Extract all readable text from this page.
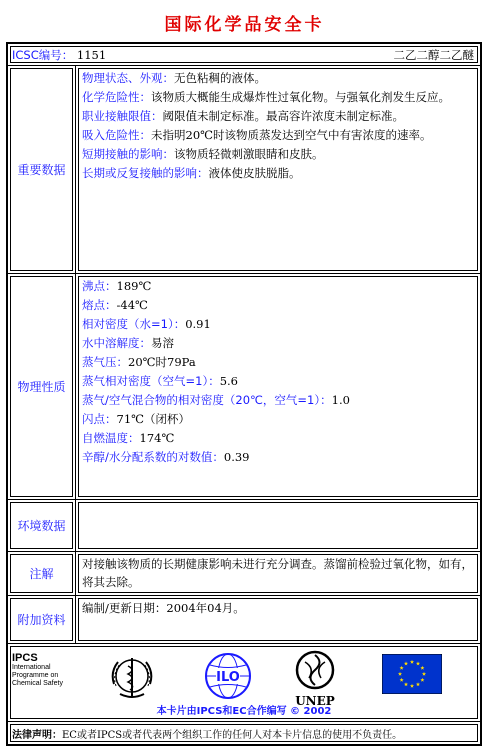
国际化学品安全卡
ICSC编号： 1151	二乙二醇二乙醚
重要数据
物理状态、外观：无色粘稠的液体。
化学危险性：该物质大概能生成爆炸性过氧化物。与强氧化剂发生反应。
职业接触限值：阈限值未制定标准。最高容许浓度未制定标准。
吸入危险性：未指明20℃时该物质蒸发达到空气中有害浓度的速率。
短期接触的影响：该物质轻微刺激眼睛和皮肤。
长期或反复接触的影响：液体使皮肤脱脂。
物理性质
沸点：189℃
熔点：-44℃
相对密度（水=1）：0.91
水中溶解度：易溶
蒸气压：20℃时79Pa
蒸气相对密度（空气=1）：5.6
蒸气/空气混合物的相对密度（20℃，空气=1）：1.0
闪点：71℃（闭杯）
自燃温度：174℃
辛醇/水分配系数的对数值：0.39
环境数据
注解
对接触该物质的长期健康影响未进行充分调查。蒸馏前检验过氧化物，如有，将其去除。
附加资料
编制/更新日期：2004年04月。
IPCS
International
Programme on
Chemical Safety	ILO
UNEP
本卡片由IPCS和EC合作编写 © 2002
法律声明：EC或者IPCS或者代表两个组织工作的任何人对本卡片信息的使用不负责任。
